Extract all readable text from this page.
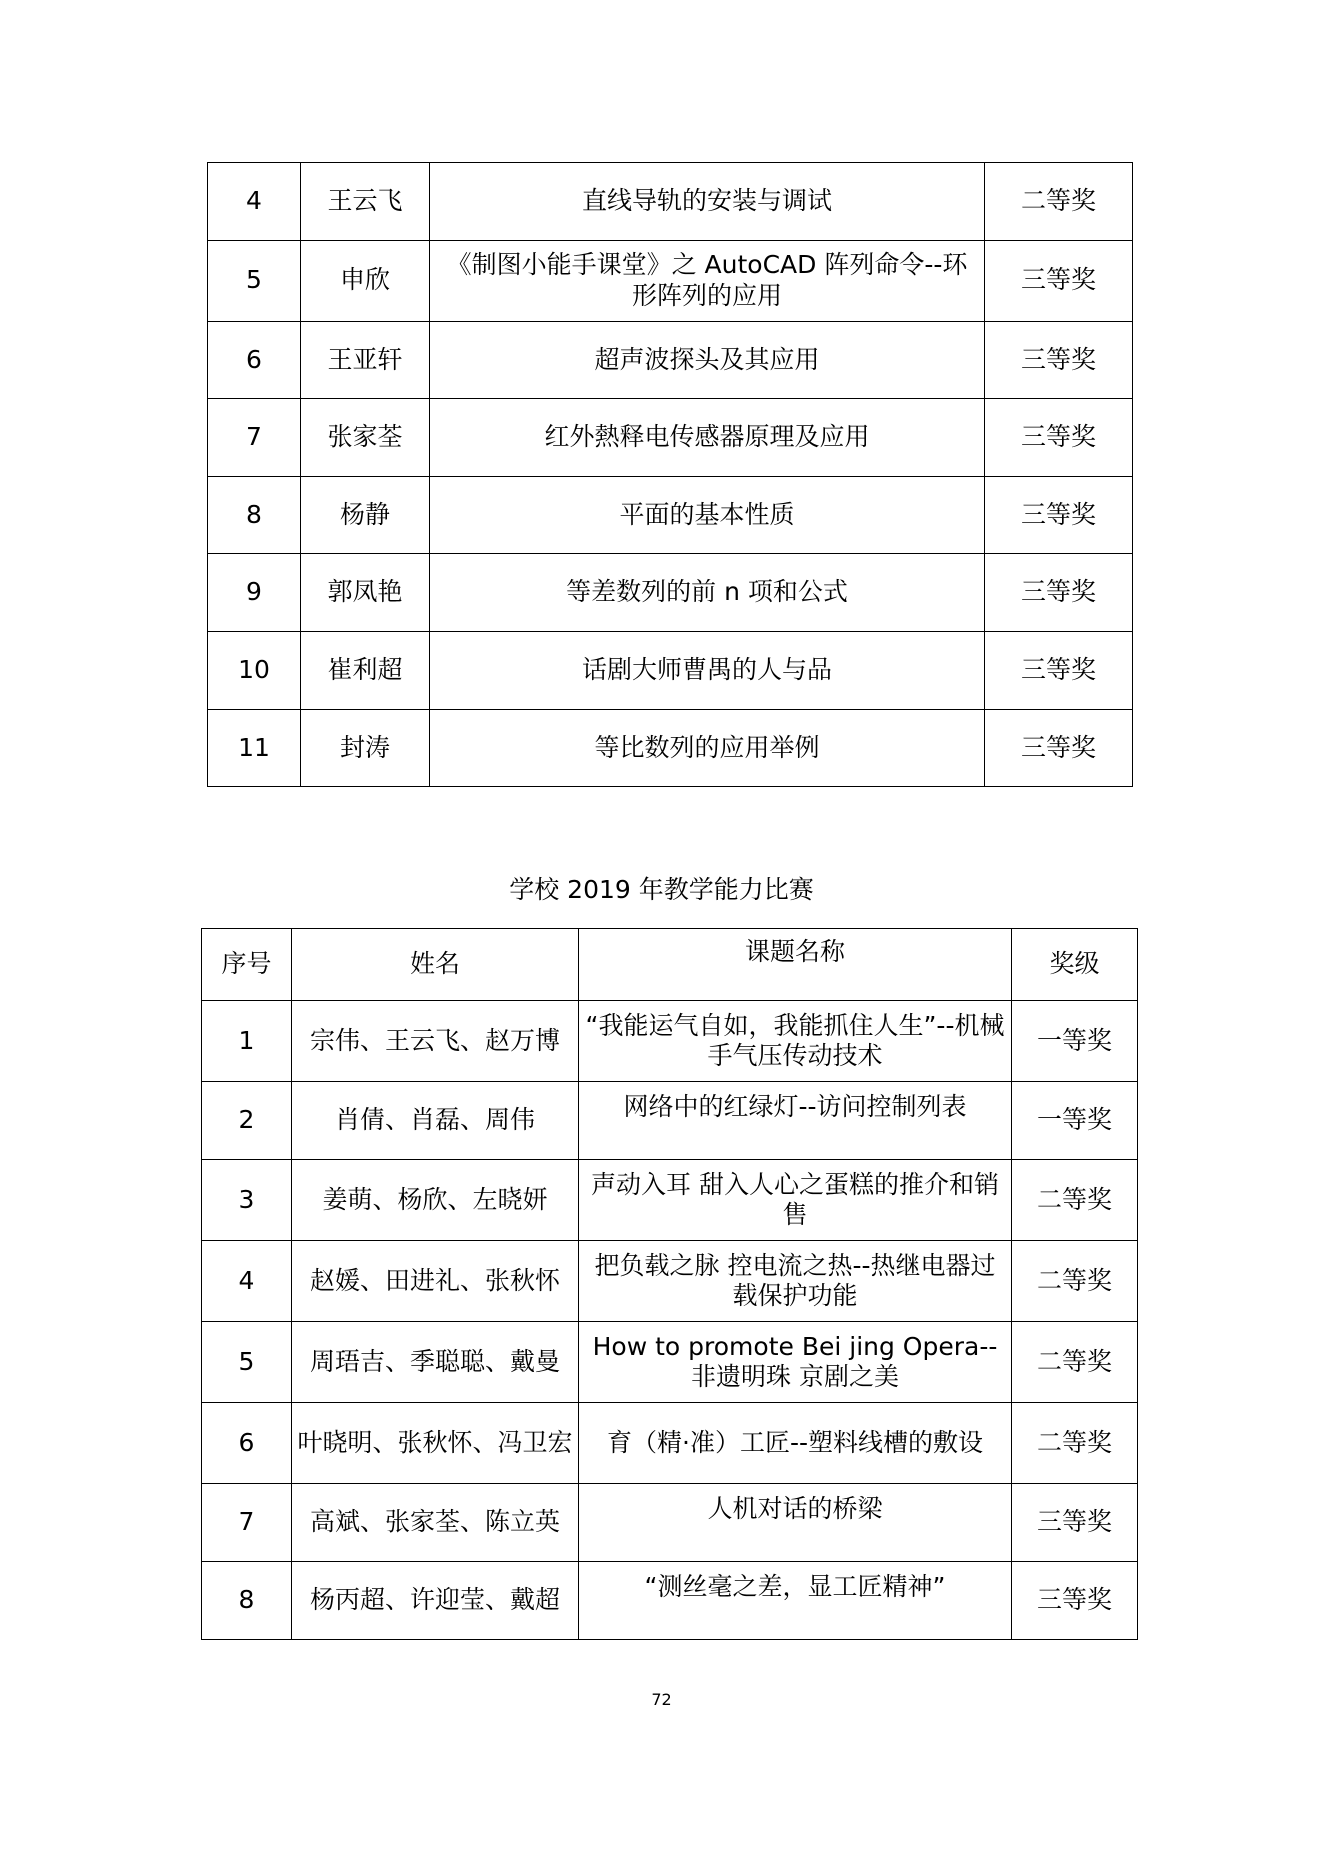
4	王云飞	直线导轨的安装与调试	二等奖
5	申欣	《制图小能手课堂》之 AutoCAD 阵列命令--环形阵列的应用	三等奖
6	王亚轩	超声波探头及其应用	三等奖
7	张家荃	红外熱释电传感器原理及应用	三等奖
8	杨静	平面的基本性质	三等奖
9	郭凤艳	等差数列的前 n 项和公式	三等奖
10	崔利超	话剧大师曹禺的人与品	三等奖
11	封涛	等比数列的应用举例	三等奖
学校 2019 年教学能力比赛
序号	姓名	课题名称	奖级
1	宗伟、王云飞、赵万博	“我能运气自如，我能抓住人生”--机械手气压传动技术	一等奖
2	肖倩、肖磊、周伟	网络中的红绿灯--访问控制列表	一等奖
3	姜萌、杨欣、左晓妍	声动入耳 甜入人心之蛋糕的推介和销售	二等奖
4	赵媛、田进礼、张秋怀	把负载之脉 控电流之热--热继电器过载保护功能	二等奖
5	周珸吉、季聪聪、戴曼	How to promote Bei jing Opera--非遗明珠 京剧之美	二等奖
6	叶晓明、张秋怀、冯卫宏	育（精·准）工匠--塑料线槽的敷设	二等奖
7	高斌、张家荃、陈立英	人机对话的桥梁	三等奖
8	杨丙超、许迎莹、戴超	“测丝毫之差，显工匠精神”	三等奖
72
